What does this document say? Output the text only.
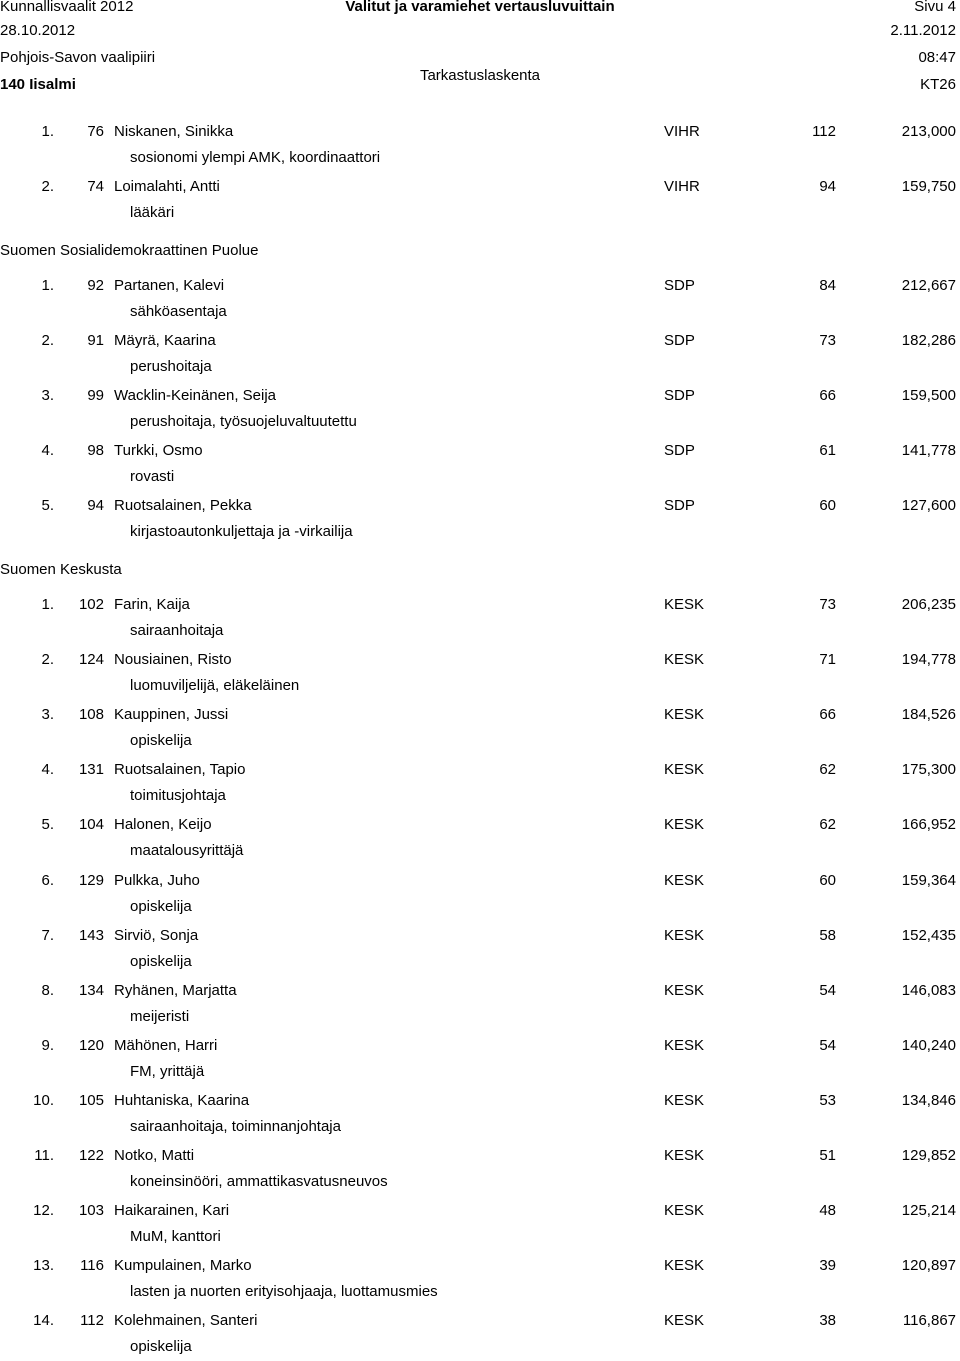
Kunnallisvaalit 2012	Valitut ja varamiehet vertausluvuittain	Sivu 4
28.10.2012	2.11.2012
Pohjois-Savon vaalipiiri	08:47
140 Iisalmi
Tarkastuslaskenta
KT26
1. 76 Niskanen, Sinikka	VIHR	112	213,000
sosionomi ylempi AMK, koordinaattori
2. 74 Loimalahti, Antti	VIHR	94	159,750
lääkäri
Suomen Sosialidemokraattinen Puolue
1. 92 Partanen, Kalevi	SDP	84	212,667
sähköasentaja
2. 91 Mäyrä, Kaarina	SDP	73	182,286
perushoitaja
3. 99 Wacklin-Keinänen, Seija	SDP	66	159,500
perushoitaja, työsuojeluvaltuutettu
4. 98 Turkki, Osmo	SDP	61	141,778
rovasti
5. 94 Ruotsalainen, Pekka	SDP	60	127,600
kirjastoautonkuljettaja ja -virkailija
Suomen Keskusta
1. 102 Farin, Kaija	KESK	73	206,235
sairaanhoitaja
2. 124 Nousiainen, Risto	KESK	71	194,778
luomuviljelijä, eläkeläinen
3. 108 Kauppinen, Jussi	KESK	66	184,526
opiskelija
4. 131 Ruotsalainen, Tapio	KESK	62	175,300
toimitusjohtaja
5. 104 Halonen, Keijo	KESK	62	166,952
maatalousyrittäjä
6. 129 Pulkka, Juho	KESK	60	159,364
opiskelija
7. 143 Sirviö, Sonja	KESK	58	152,435
opiskelija
8. 134 Ryhänen, Marjatta	KESK	54	146,083
meijeristi
9. 120 Mähönen, Harri	KESK	54	140,240
FM, yrittäjä
10. 105 Huhtaniska, Kaarina	KESK	53	134,846
sairaanhoitaja, toiminnanjohtaja
11. 122 Notko, Matti	KESK	51	129,852
koneinsinööri, ammattikasvatusneuvos
12. 103 Haikarainen, Kari	KESK	48	125,214
MuM, kanttori
13. 116 Kumpulainen, Marko	KESK	39	120,897
lasten ja nuorten erityisohjaaja, luottamusmies
14. 112 Kolehmainen, Santeri	KESK	38	116,867
opiskelija
